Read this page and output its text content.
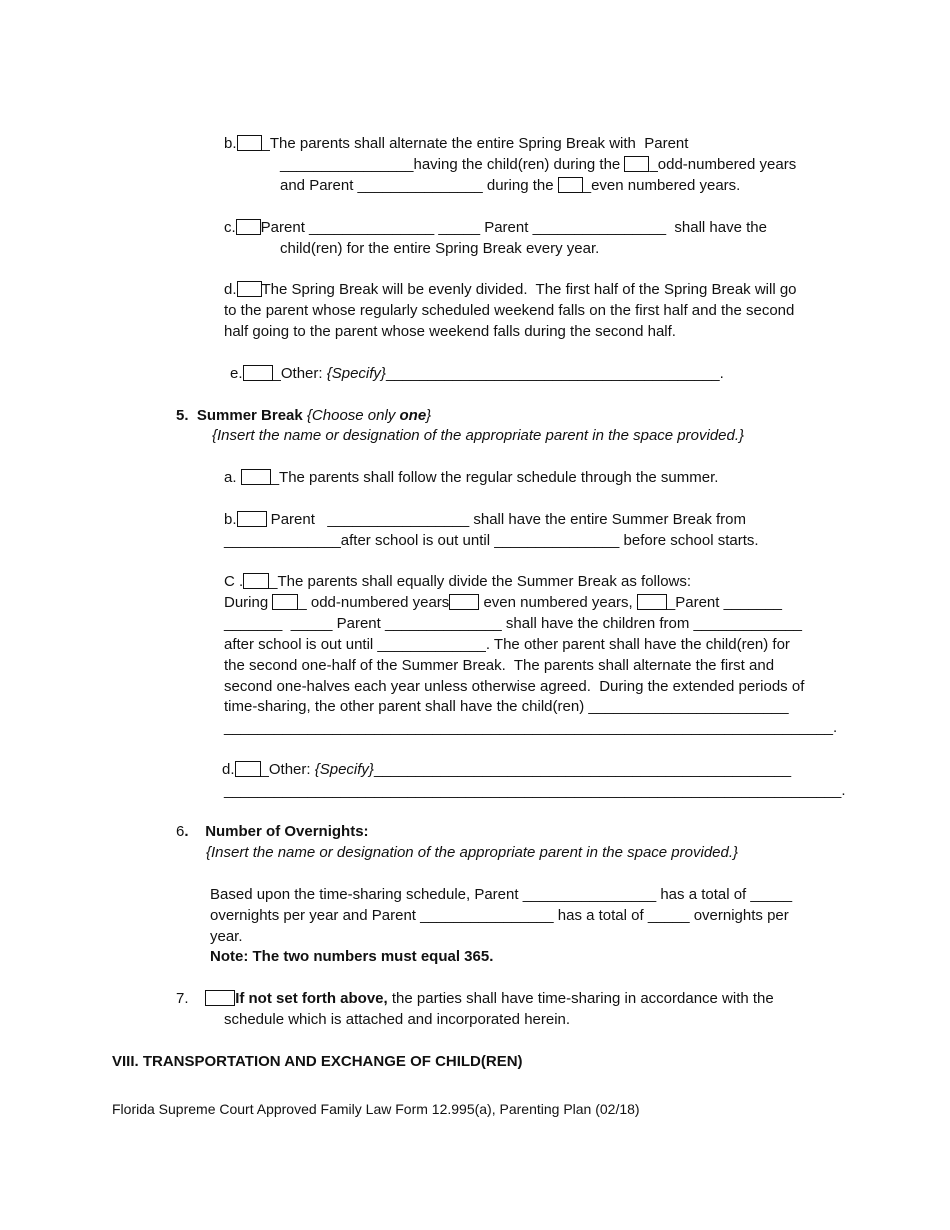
b. _The parents shall alternate the entire Spring Break with  Parent
________________having the child(ren) during the _odd-numbered years
and Parent _______________ during the _even numbered years.
c. Parent _______________ _____ Parent ________________  shall have the
child(ren) for the entire Spring Break every year.
d. The Spring Break will be evenly divided.  The first half of the Spring Break will go
to the parent whose regularly scheduled weekend falls on the first half and the second
half going to the parent whose weekend falls during the second half.
e. _Other: {Specify}________________________________________.
5. Summer Break {Choose only one}
{Insert the name or designation of the appropriate parent in the space provided.}
a. _The parents shall follow the regular schedule through the summer.
b. Parent   _________________ shall have the entire Summer Break from
______________after school is out until _______________ before school starts.
C . _The parents shall equally divide the Summer Break as follows:
During _ odd-numbered years even numbered years, _Parent _______
_______  _____ Parent ______________ shall have the children from _____________
after school is out until _____________. The other parent shall have the child(ren) for
the second one-half of the Summer Break.  The parents shall alternate the first and
second one-halves each year unless otherwise agreed.  During the extended periods of
time-sharing, the other parent shall have the child(ren) ________________________
_________________________________________________________________________.
d. _Other: {Specify}__________________________________________________
__________________________________________________________________________.
6. Number of Overnights:
{Insert the name or designation of the appropriate parent in the space provided.}
Based upon the time-sharing schedule, Parent ________________ has a total of _____
overnights per year and Parent ________________ has a total of _____ overnights per
year.
Note: The two numbers must equal 365.
7.	If not set forth above, the parties shall have time-sharing in accordance with the
schedule which is attached and incorporated herein.
VIII. TRANSPORTATION AND EXCHANGE OF CHILD(REN)
Florida Supreme Court Approved Family Law Form 12.995(a), Parenting Plan (02/18)
